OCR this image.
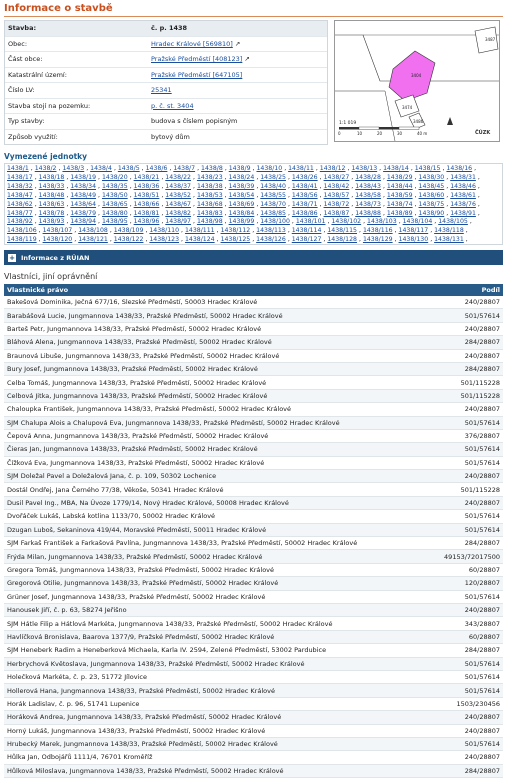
Informace o stavbě
Stavba:	č. p. 1438
Obec:	Hradec Králové [569810] ↗
Část obce:	Pražské Předměstí [408123] ↗
Katastrální území:	Pražské Předměstí [647105]
Číslo LV:	25341
Stavba stojí na pozemku:	p. č. st. 3404
Typ stavby:	budova s číslem popisným
Způsob využití:	bytový dům
3404
3487
3474
3486
1:1 019
0	10	20	30	40 m	ČÚZK
Vymezené jednotky
1438/1 , 1438/2 , 1438/3 , 1438/4 , 1438/5 , 1438/6 , 1438/7 , 1438/8 , 1438/9 , 1438/10 , 1438/11 , 1438/12 , 1438/13 , 1438/14 , 1438/15 , 1438/16 , 1438/17 , 1438/18 , 1438/19 , 1438/20 , 1438/21 , 1438/22 , 1438/23 , 1438/24 , 1438/25 , 1438/26 , 1438/27 , 1438/28 , 1438/29 , 1438/30 , 1438/31 , 1438/32 , 1438/33 , 1438/34 , 1438/35 , 1438/36 , 1438/37 , 1438/38 , 1438/39 , 1438/40 , 1438/41 , 1438/42 , 1438/43 , 1438/44 , 1438/45 , 1438/46 , 1438/47 , 1438/48 , 1438/49 , 1438/50 , 1438/51 , 1438/52 , 1438/53 , 1438/54 , 1438/55 , 1438/56 , 1438/57 , 1438/58 , 1438/59 , 1438/60 , 1438/61 , 1438/62 , 1438/63 , 1438/64 , 1438/65 , 1438/66 , 1438/67 , 1438/68 , 1438/69 , 1438/70 , 1438/71 , 1438/72 , 1438/73 , 1438/74 , 1438/75 , 1438/76 , 1438/77 , 1438/78 , 1438/79 , 1438/80 , 1438/81 , 1438/82 , 1438/83 , 1438/84 , 1438/85 , 1438/86 , 1438/87 , 1438/88 , 1438/89 , 1438/90 , 1438/91 , 1438/92 , 1438/93 , 1438/94 , 1438/95 , 1438/96 , 1438/97 , 1438/98 , 1438/99 , 1438/100 , 1438/101 , 1438/102 , 1438/103 , 1438/104 , 1438/105 , 1438/106 , 1438/107 , 1438/108 , 1438/109 , 1438/110 , 1438/111 , 1438/112 , 1438/113 , 1438/114 , 1438/115 , 1438/116 , 1438/117 , 1438/118 , 1438/119 , 1438/120 , 1438/121 , 1438/122 , 1438/123 , 1438/124 , 1438/125 , 1438/126 , 1438/127 , 1438/128 , 1438/129 , 1438/130 , 1438/131 ,
+ Informace z RÚIAN
Vlastníci, jiní oprávnění
Vlastnické právo	Podíl
Bakešová Dominika, Ječná 677/16, Slezské Předměstí, 50003 Hradec Králové	240/28807
Barabášová Lucie, Jungmannova 1438/33, Pražské Předměstí, 50002 Hradec Králové	501/57614
Barteš Petr, Jungmannova 1438/33, Pražské Předměstí, 50002 Hradec Králové	240/28807
Bláhová Alena, Jungmannova 1438/33, Pražské Předměstí, 50002 Hradec Králové	284/28807
Braunová Libuše, Jungmannova 1438/33, Pražské Předměstí, 50002 Hradec Králové	240/28807
Bury Josef, Jungmannova 1438/33, Pražské Předměstí, 50002 Hradec Králové	284/28807
Celba Tomáš, Jungmannova 1438/33, Pražské Předměstí, 50002 Hradec Králové	501/115228
Celbová Jitka, Jungmannova 1438/33, Pražské Předměstí, 50002 Hradec Králové	501/115228
Chaloupka František, Jungmannova 1438/33, Pražské Předměstí, 50002 Hradec Králové	240/28807
SJM Chalupa Alois a Chalupová Eva, Jungmannova 1438/33, Pražské Předměstí, 50002 Hradec Králové	501/57614
Čepová Anna, Jungmannova 1438/33, Pražské Předměstí, 50002 Hradec Králové	376/28807
Čieras Jan, Jungmannova 1438/33, Pražské Předměstí, 50002 Hradec Králové	501/57614
Čížková Eva, Jungmannova 1438/33, Pražské Předměstí, 50002 Hradec Králové	501/57614
SJM Doležal Pavel a Doležalová Jana, č. p. 109, 50302 Lochenice	240/28807
Dostál Ondřej, Jana Černého 77/38, Věkoše, 50341 Hradec Králové	501/115228
Dusil Pavel Ing., MBA, Na Úvoze 1779/14, Nový Hradec Králové, 50008 Hradec Králové	240/28807
Dvořáček Lukáš, Labská kotlina 1133/70, 50002 Hradec Králové	501/57614
Dzugan Luboš, Sekaninova 419/44, Moravské Předměstí, 50011 Hradec Králové	501/57614
SJM Farkaš František a Farkašová Pavlína, Jungmannova 1438/33, Pražské Předměstí, 50002 Hradec Králové	284/28807
Frýda Milan, Jungmannova 1438/33, Pražské Předměstí, 50002 Hradec Králové	49153/72017500
Gregora Tomáš, Jungmannova 1438/33, Pražské Předměstí, 50002 Hradec Králové	60/28807
Gregorová Otilie, Jungmannova 1438/33, Pražské Předměstí, 50002 Hradec Králové	120/28807
Grüner Josef, Jungmannova 1438/33, Pražské Předměstí, 50002 Hradec Králové	501/57614
Hanousek Jiří, č. p. 63, 58274 Jeřišno	240/28807
SJM Hátle Filip a Hátlová Markéta, Jungmannova 1438/33, Pražské Předměstí, 50002 Hradec Králové	343/28807
Havlíčková Bronislava, Baarova 1377/9, Pražské Předměstí, 50002 Hradec Králové	60/28807
SJM Heneberk Radim a Heneberková Michaela, Karla IV. 2594, Zelené Předměstí, 53002 Pardubice	284/28807
Herbrychová Květoslava, Jungmannova 1438/33, Pražské Předměstí, 50002 Hradec Králové	501/57614
Holečková Markéta, č. p. 23, 51772 Jílovice	501/57614
Hollerová Hana, Jungmannova 1438/33, Pražské Předměstí, 50002 Hradec Králové	501/57614
Horák Ladislav, č. p. 96, 51741 Lupenice	1503/230456
Horáková Andrea, Jungmannova 1438/33, Pražské Předměstí, 50002 Hradec Králové	240/28807
Horný Lukáš, Jungmannova 1438/33, Pražské Předměstí, 50002 Hradec Králové	240/28807
Hrubecký Marek, Jungmannova 1438/33, Pražské Předměstí, 50002 Hradec Králové	501/57614
Hůlka Jan, Odbojářů 1111/4, 76701 Kroměříž	240/28807
Hůlková Miloslava, Jungmannova 1438/33, Pražské Předměstí, 50002 Hradec Králové	284/28807
